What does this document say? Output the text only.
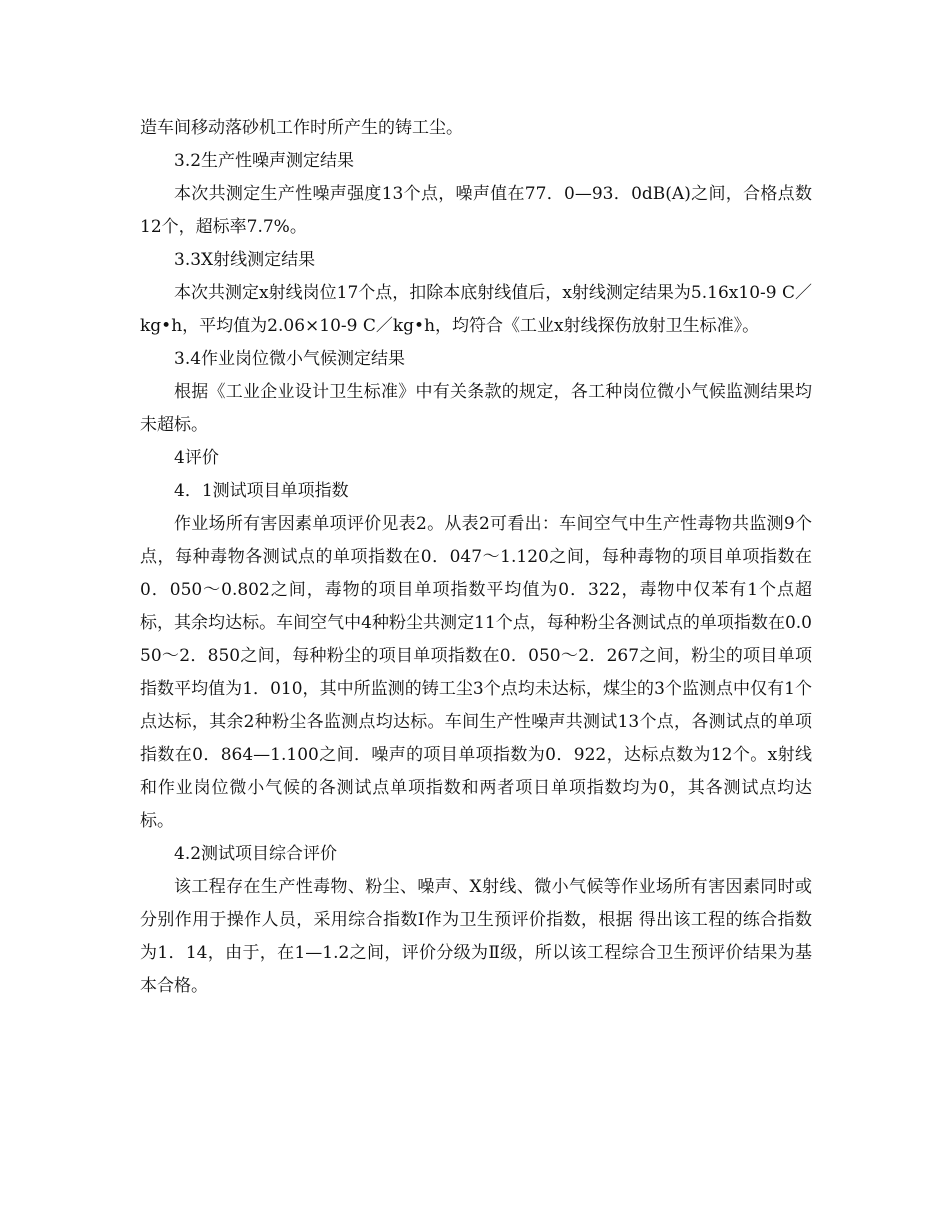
造车间移动落砂机工作时所产生的铸工尘。

3.2生产性噪声测定结果

本次共测定生产性噪声强度13个点，噪声值在77．0—93．0dB(A)之间，合格点数12个，超标率7.7%。

3.3X射线测定结果

本次共测定x射线岗位17个点，扣除本底射线值后，x射线测定结果为5.16x10-9 C／kg•h，平均值为2.06×10-9 C／kg•h，均符合《工业x射线探伤放射卫生标准》。

3.4作业岗位微小气候测定结果

根据《工业企业设计卫生标准》中有关条款的规定，各工种岗位微小气候监测结果均未超标。

4评价

4．1测试项目单项指数

作业场所有害因素单项评价见表2。从表2可看出：车间空气中生产性毒物共监测9个点，每种毒物各测试点的单项指数在0．047～1.120之间，每种毒物的项目单项指数在0．050～0.802之间，毒物的项目单项指数平均值为0．322，毒物中仅苯有1个点超标，其余均达标。车间空气中4种粉尘共测定11个点，每种粉尘各测试点的单项指数在0.050～2．850之间，每种粉尘的项目单项指数在0．050～2．267之间，粉尘的项目单项指数平均值为1．010，其中所监测的铸工尘3个点均未达标，煤尘的3个监测点中仅有1个点达标，其余2种粉尘各监测点均达标。车间生产性噪声共测试13个点，各测试点的单项指数在0．864—1.100之间．噪声的项目单项指数为0．922，达标点数为12个。x射线和作业岗位微小气候的各测试点单项指数和两者项日单项指数均为0，其各测试点均达标。

4.2测试项目综合评价

该工程存在生产性毒物、粉尘、噪声、X射线、微小气候等作业场所有害因素同时或分别作用于操作人员，采用综合指数Ⅰ作为卫生预评价指数，根据 得出该工程的练合指数为1．14，由于，在1—1.2之间，评价分级为Ⅱ级，所以该工程综合卫生预评价结果为基本合格。
